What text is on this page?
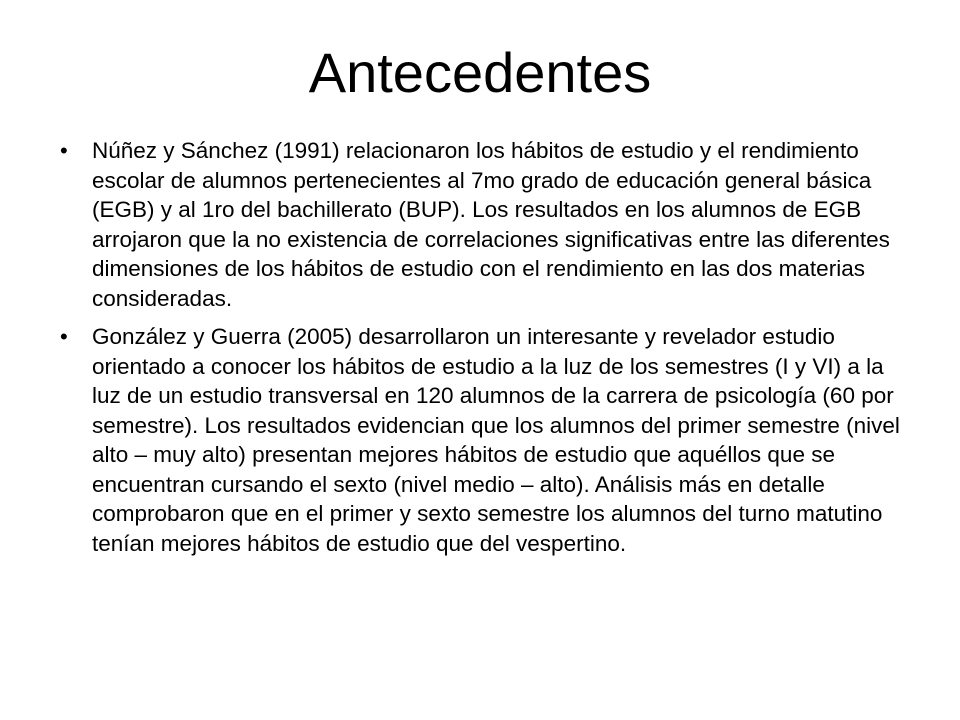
Antecedentes
•	Núñez y Sánchez (1991) relacionaron los hábitos de estudio y el rendimiento escolar de alumnos pertenecientes al 7mo grado de educación general básica (EGB) y al 1ro del bachillerato (BUP). Los resultados en los alumnos de EGB arrojaron que la no existencia de correlaciones significativas entre las diferentes dimensiones de los hábitos de estudio con el rendimiento en las dos materias consideradas.
•	González y Guerra (2005) desarrollaron un interesante y revelador estudio orientado a conocer los hábitos de estudio a la luz de los semestres (I y VI) a la luz de un estudio transversal en 120 alumnos de la carrera de psicología (60 por semestre). Los resultados evidencian que los alumnos del primer semestre (nivel alto – muy alto) presentan mejores hábitos de estudio que aquéllos que se encuentran cursando el sexto (nivel medio – alto). Análisis más en detalle comprobaron que en el primer y sexto semestre los alumnos del turno matutino tenían mejores hábitos de estudio que del vespertino.
